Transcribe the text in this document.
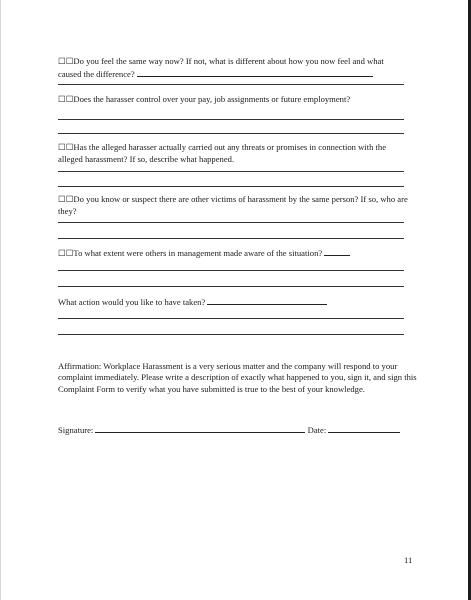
☐☐Do you feel the same way now? If not, what is different about how you now feel and what caused the difference?
☐☐Does the harasser control over your pay, job assignments or future employment?
☐☐Has the alleged harasser actually carried out any threats or promises in connection with the alleged harassment? If so, describe what happened.
☐☐Do you know or suspect there are other victims of harassment by the same person? If so, who are they?
☐☐To what extent were others in management made aware of the situation?
What action would you like to have taken?
Affirmation: Workplace Harassment is a very serious matter and the company will respond to your complaint immediately. Please write a description of exactly what happened to you, sign it, and sign this Complaint Form to verify what you have submitted is true to the best of your knowledge.
Signature:	Date:
11
